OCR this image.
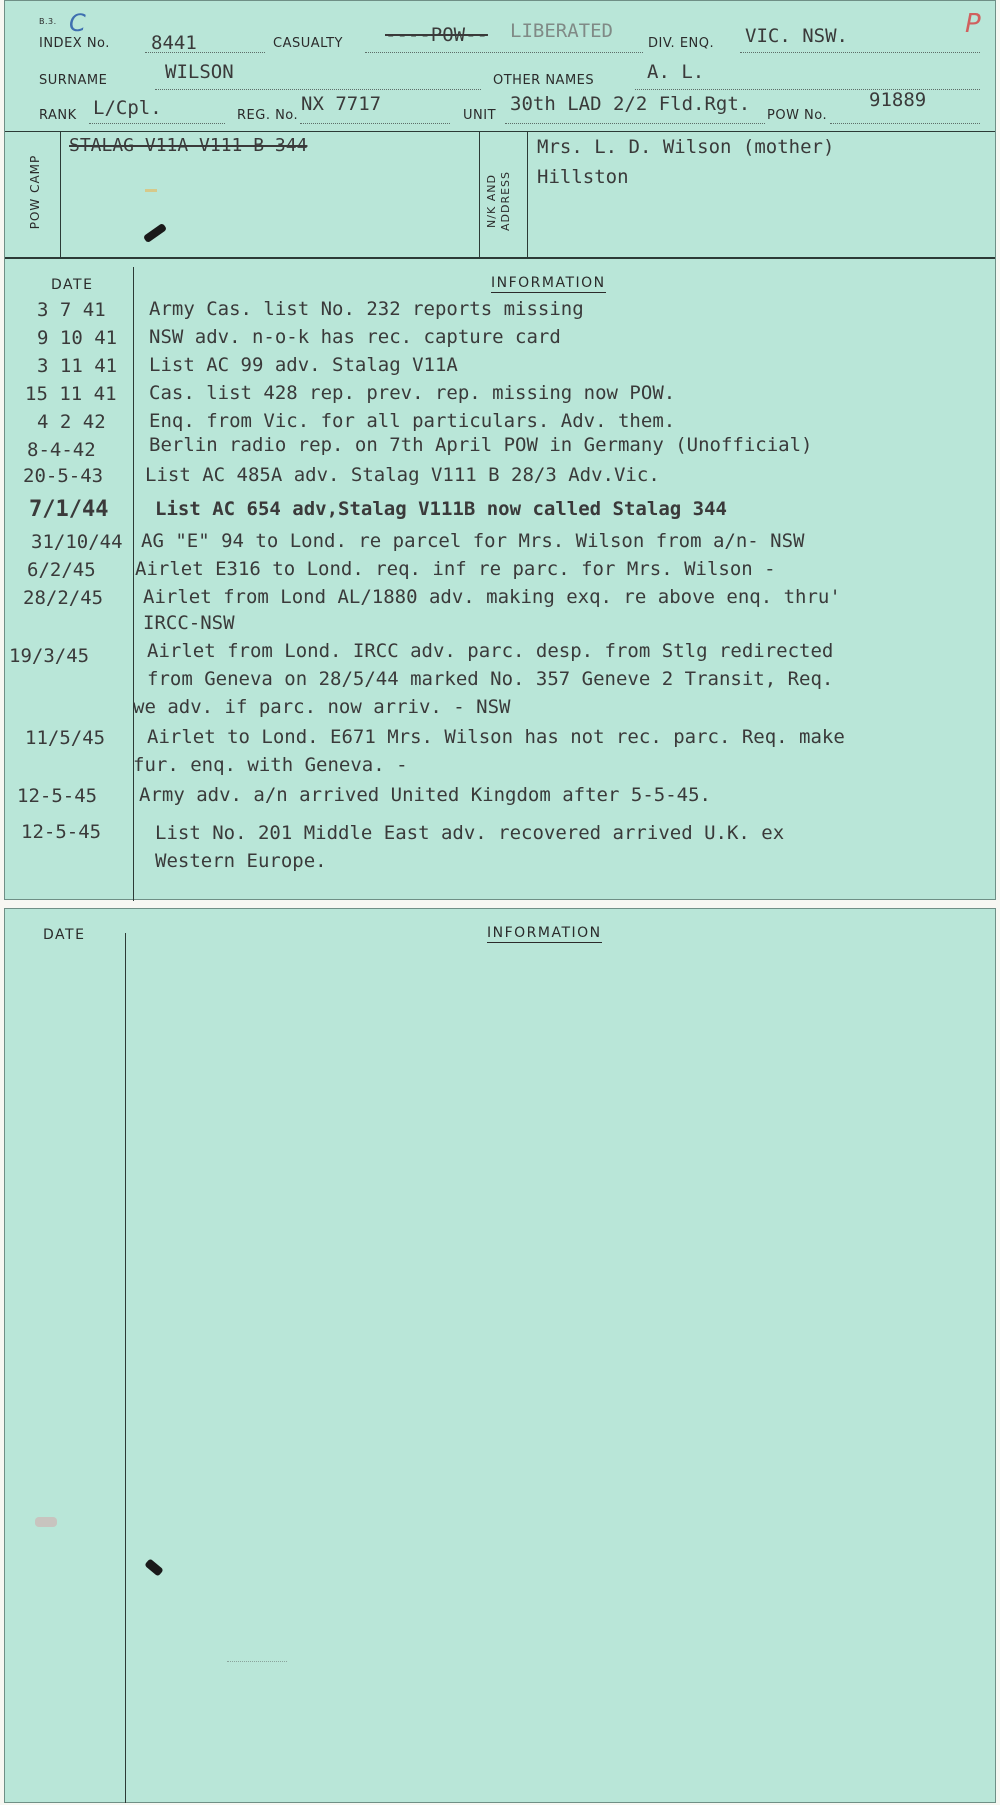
B.3. C	P
INDEX No. 8441	CASUALTY ----POW-- LIBERATED
DIV. ENQ. VIC. NSW.
SURNAME	WILSON	OTHER NAMES	A. L.
RANK L/Cpl.	REG. No.
NX 7717
UNIT
30th LAD 2/2 Fld.Rgt.
POW No.
91889
POW CAMP
STALAG V11A V111 B 344
N/K AND
ADDRESS
Mrs. L. D. Wilson (mother)
Hillston
DATE	INFORMATION
3 7 41 Army Cas. list No. 232 reports missing
9 10 41 NSW adv. n-o-k has rec. capture card
3 11 41 List AC 99 adv. Stalag V11A
15 11 41 Cas. list 428 rep. prev. rep. missing now POW.
4 2 42 Enq. from Vic. for all particulars. Adv. them.
8-4-42	Berlin radio rep. on 7th April POW in Germany (Unofficial)
20-5-43 List AC 485A adv. Stalag V111 B 28/3 Adv.Vic.
7/1/44 List AC 654 adv,Stalag V111B now called Stalag 344
31/10/44 AG "E" 94 to Lond. re parcel for Mrs. Wilson from a/n- NSW
6/2/45 Airlet E316 to Lond. req. inf re parc. for Mrs. Wilson -
28/2/45 Airlet from Lond AL/1880 adv. making exq. re above enq. thru'
IRCC-NSW
19/3/45	Airlet from Lond. IRCC adv. parc. desp. from Stlg redirected
from Geneva on 28/5/44 marked No. 357 Geneve 2 Transit, Req.
we adv. if parc. now arriv. - NSW
11/5/45 Airlet to Lond. E671 Mrs. Wilson has not rec. parc. Req. make
fur. enq. with Geneva. -
12-5-45 Army adv. a/n arrived United Kingdom after 5-5-45.
12-5-45	List No. 201 Middle East adv. recovered arrived U.K. ex
Western Europe.
DATE	INFORMATION
